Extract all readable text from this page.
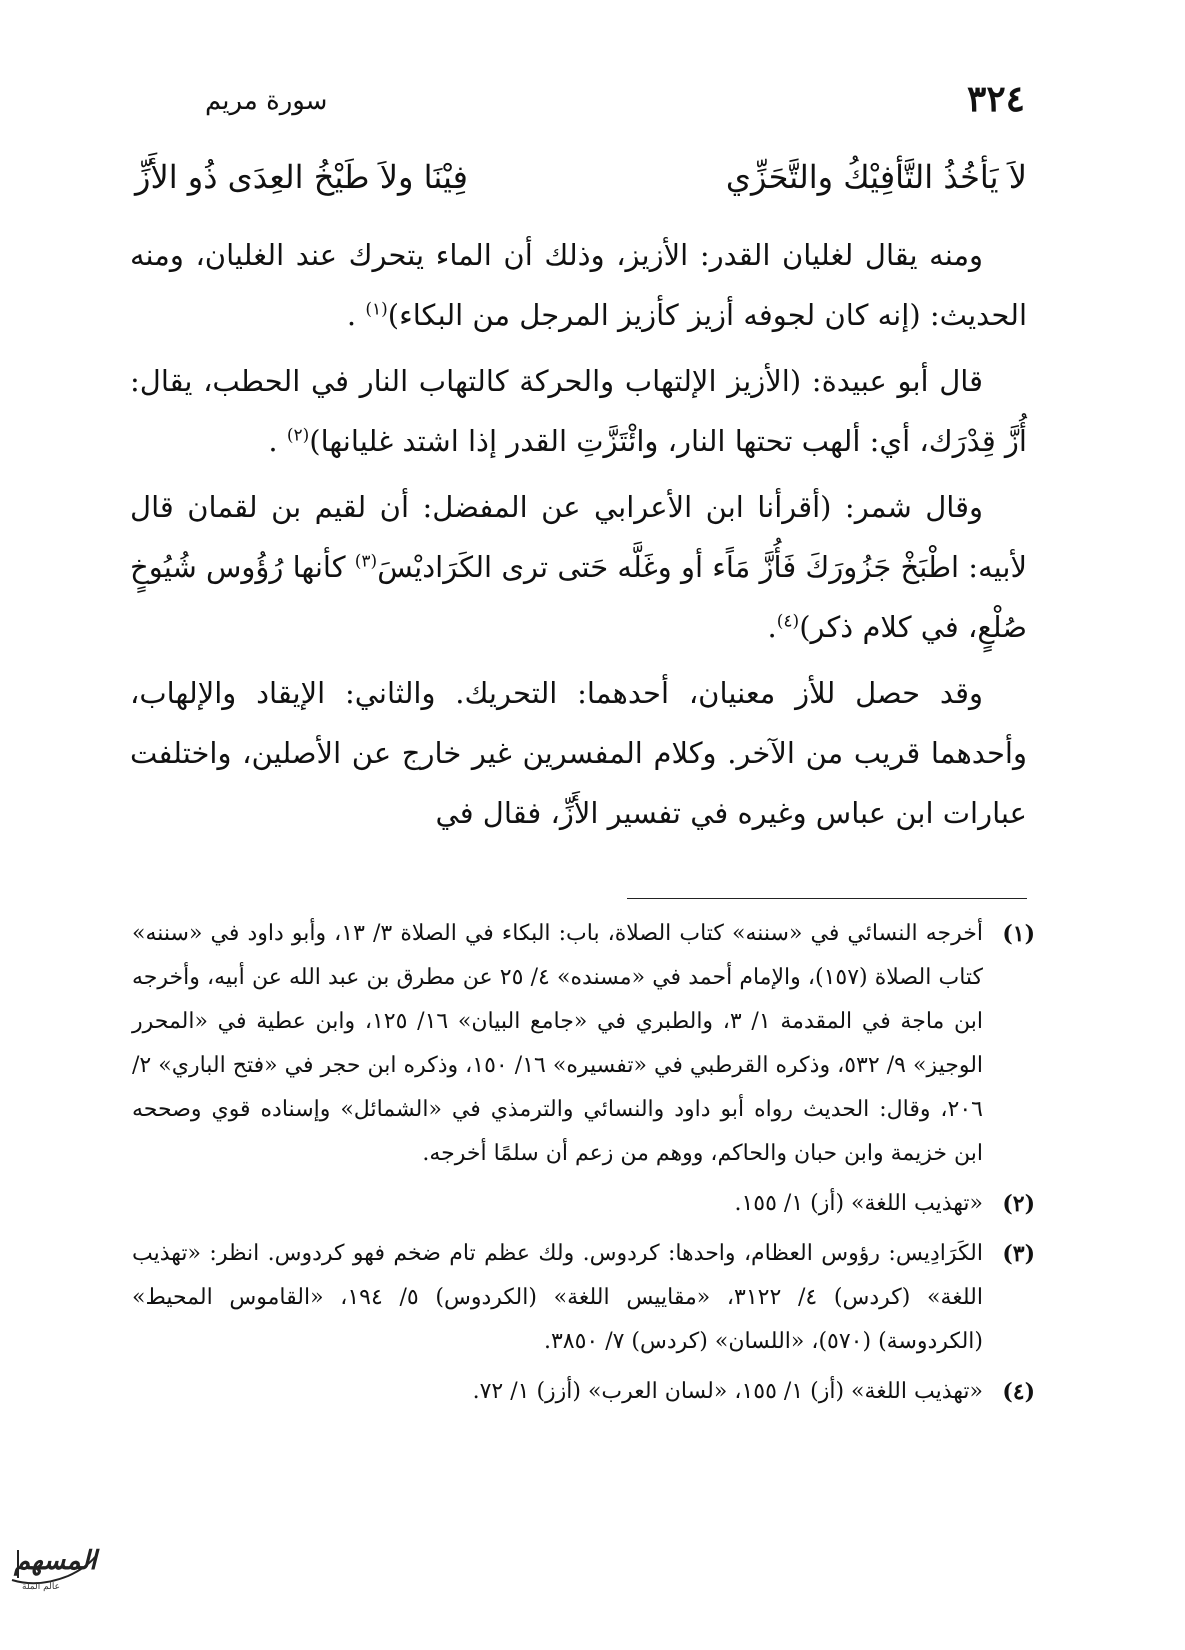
٣٢٤
سورة مريم
لاَ يَأخُذُ التَّأفِيْكُ والتَّحَزِّي
فِيْنَا ولاَ طَيْخُ العِدَى ذُو الأَزِّ

ومنه يقال لغليان القدر: الأزيز، وذلك أن الماء يتحرك عند الغليان، ومنه الحديث: (إنه كان لجوفه أزيز كأزيز المرجل من البكاء)$^{(١)}$ .

قال أبو عبيدة: (الأزيز الإلتهاب والحركة كالتهاب النار في الحطب، يقال: أُزَّ قِدْرَك، أي: ألهب تحتها النار، وائْتَزَّتِ القدر إذا اشتد غليانها)$^{(٢)}$ .

وقال شمر: (أقرأنا ابن الأعرابي عن المفضل: أن لقيم بن لقمان قال لأبيه: اطْبَخْ جَزُورَكَ فَأُزَّ مَاًء أو وغَلَّه حَتى ترى الكَرَاديْسَ$^{(٣)}$ كأنها رُؤُوس شُيُوخٍ صُلْعٍ، في كلام ذكر)$^{(٤)}$.

وقد حصل للأز معنيان، أحدهما: التحريك. والثاني: الإيقاد والإلهاب، وأحدهما قريب من الآخر. وكلام المفسرين غير خارج عن الأصلين، واختلفت عبارات ابن عباس وغيره في تفسير الأَزِّ، فقال في

(١)
أخرجه النسائي في «سننه» كتاب الصلاة، باب: البكاء في الصلاة ٣/ ١٣، وأبو داود في «سننه» كتاب الصلاة (١٥٧)، والإمام أحمد في «مسنده» ٤/ ٢٥ عن مطرق بن عبد الله عن أبيه، وأخرجه ابن ماجة في المقدمة ١/ ٣، والطبري في «جامع البيان» ١٦/ ١٢٥، وابن عطية في «المحرر الوجيز» ٩/ ٥٣٢، وذكره القرطبي في «تفسيره» ١٦/ ١٥٠، وذكره ابن حجر في «فتح الباري» ٢/ ٢٠٦، وقال: الحديث رواه أبو داود والنسائي والترمذي في «الشمائل» وإسناده قوي وصححه ابن خزيمة وابن حبان والحاكم، ووهم من زعم أن سلمًا أخرجه.
(٢)
«تهذيب اللغة» (أز) ١/ ١٥٥.
(٣)
الكَرَادِيس: رؤوس العظام، واحدها: كردوس. ولك عظم تام ضخم فهو كردوس. انظر: «تهذيب اللغة» (كردس) ٤/ ٣١٢٢، «مقاييس اللغة» (الكردوس) ٥/ ١٩٤، «القاموس المحيط» (الكردوسة) (٥٧٠)، «اللسان» (كردس) ٧/ ٣٨٥٠.
(٤)
«تهذيب اللغة» (أز) ١/ ١٥٥، «لسان العرب» (أزز) ١/ ٧٢.
المسهم
عالم الملة
